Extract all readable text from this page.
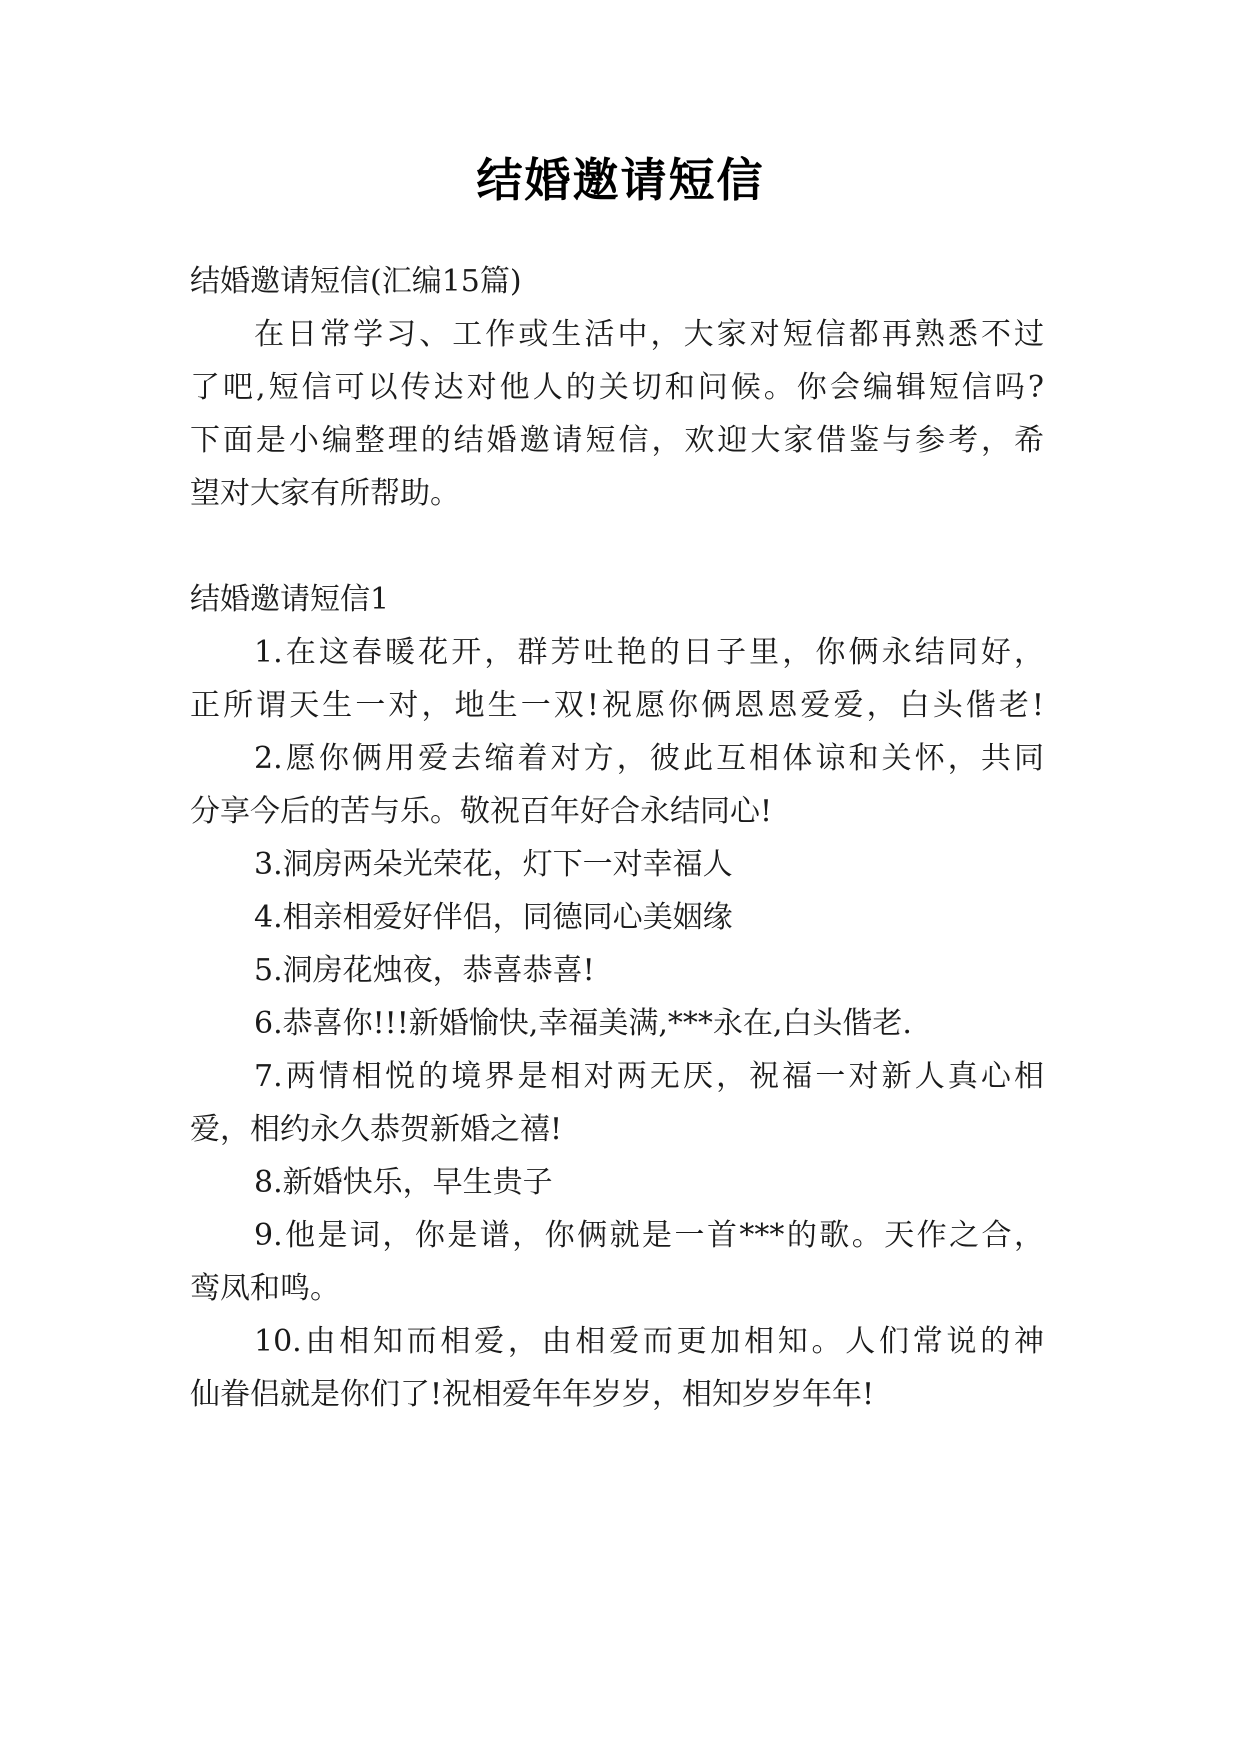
结婚邀请短信
结婚邀请短信(汇编15篇)
在日常学习、工作或生活中，大家对短信都再熟悉不过
了吧,短信可以传达对他人的关切和问候。你会编辑短信吗?
下面是小编整理的结婚邀请短信，欢迎大家借鉴与参考，希
望对大家有所帮助。
结婚邀请短信1
1.在这春暖花开，群芳吐艳的日子里，你俩永结同好，
正所谓天生一对，地生一双!祝愿你俩恩恩爱爱，白头偕老!
2.愿你俩用爱去缩着对方，彼此互相体谅和关怀，共同
分享今后的苦与乐。敬祝百年好合永结同心!
3.洞房两朵光荣花，灯下一对幸福人
4.相亲相爱好伴侣，同德同心美姻缘
5.洞房花烛夜，恭喜恭喜!
6.恭喜你!!!新婚愉快,幸福美满,***永在,白头偕老.
7.两情相悦的境界是相对两无厌，祝福一对新人真心相
爱，相约永久恭贺新婚之禧!
8.新婚快乐，早生贵子
9.他是词，你是谱，你俩就是一首***的歌。天作之合，
鸾凤和鸣。
10.由相知而相爱，由相爱而更加相知。人们常说的神
仙眷侣就是你们了!祝相爱年年岁岁，相知岁岁年年!
